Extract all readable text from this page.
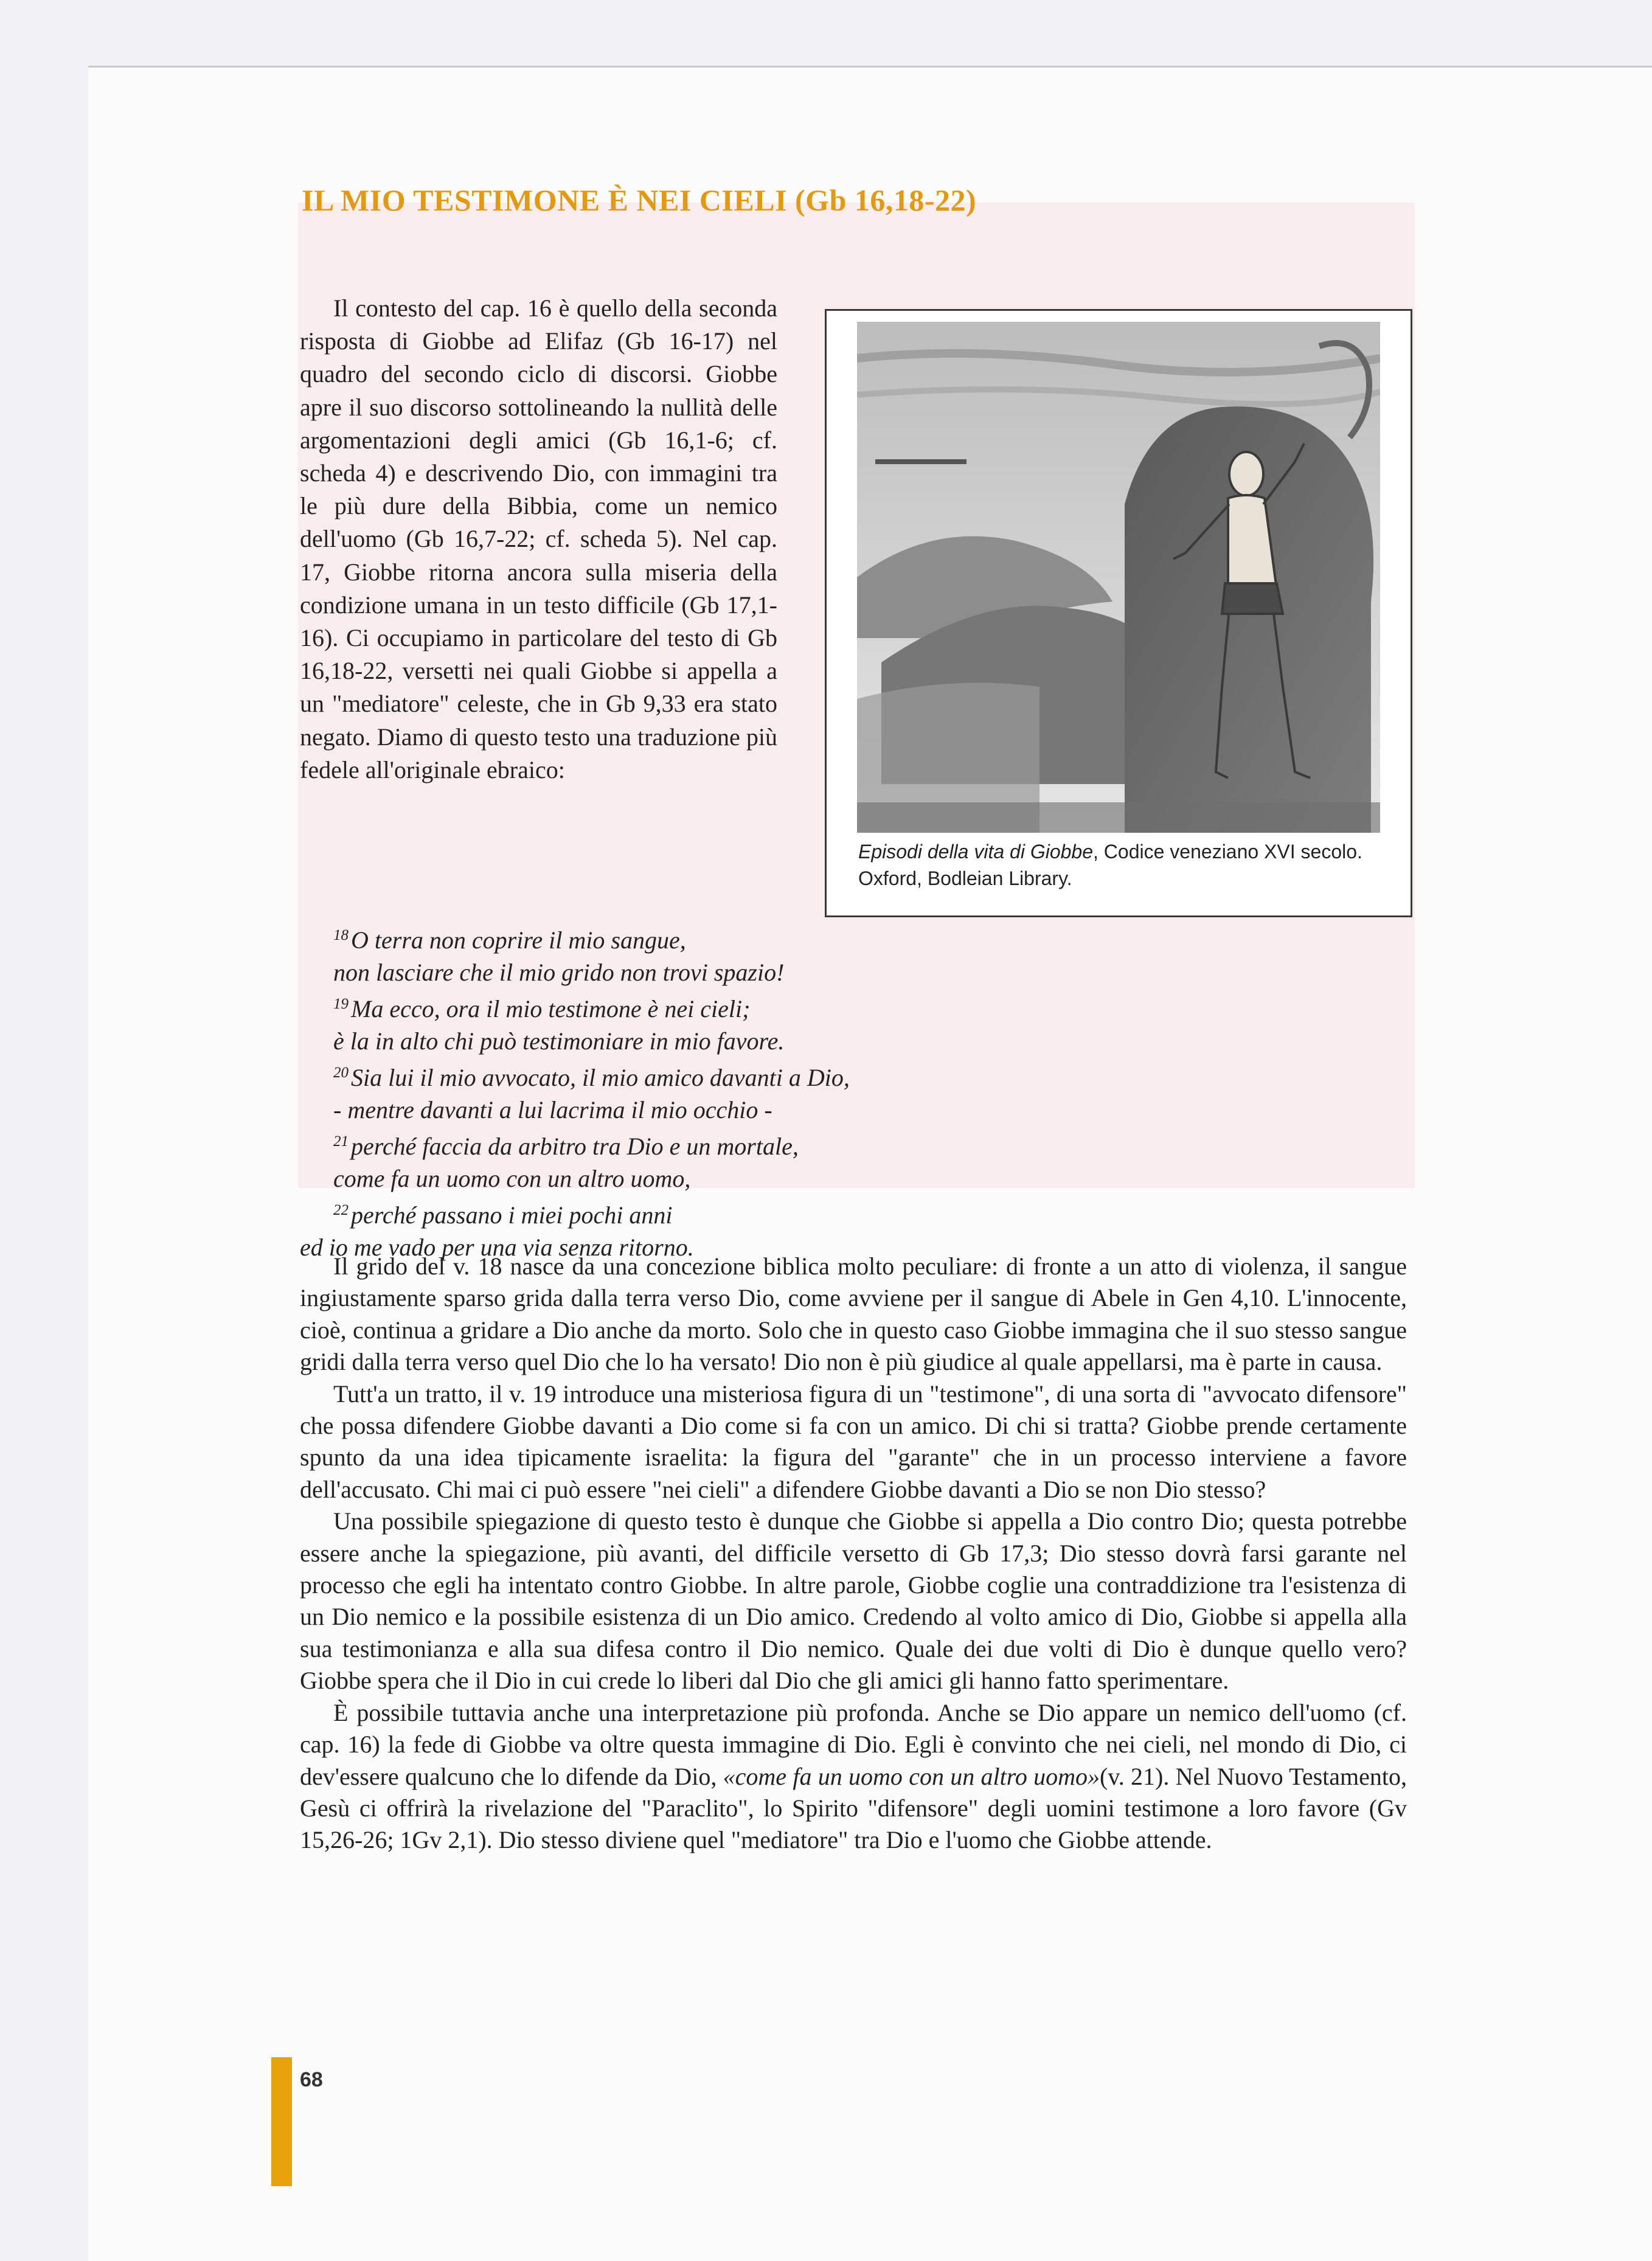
IL MIO TESTIMONE È NEI CIELI (Gb 16,18-22)
Il contesto del cap. 16 è quello della seconda risposta di Giobbe ad Elifaz (Gb 16-17) nel quadro del secondo ciclo di discorsi. Giobbe apre il suo discorso sottolineando la nullità delle argomentazioni degli amici (Gb 16,1-6; cf. scheda 4) e descrivendo Dio, con immagini tra le più dure della Bibbia, come un nemico dell'uomo (Gb 16,7-22; cf. scheda 5). Nel cap. 17, Giobbe ritorna ancora sulla miseria della condizione umana in un testo difficile (Gb 17,1-16). Ci occupiamo in particolare del testo di Gb 16,18-22, versetti nei quali Giobbe si appella a un "mediatore" celeste, che in Gb 9,33 era stato negato. Diamo di questo testo una traduzione più fedele all'originale ebraico:
Episodi della vita di Giobbe, Codice veneziano XVI secolo.
Oxford, Bodleian Library.
$^{18}$ O terra non coprire il mio sangue,
non lasciare che il mio grido non trovi spazio!
$^{19}$ Ma ecco, ora il mio testimone è nei cieli;
è la in alto chi può testimoniare in mio favore.
$^{20}$ Sia lui il mio avvocato, il mio amico davanti a Dio,
- mentre davanti a lui lacrima il mio occhio -
$^{21}$ perché faccia da arbitro tra Dio e un mortale,
come fa un uomo con un altro uomo,
$^{22}$ perché passano i miei pochi anni
ed io me vado per una via senza ritorno.

Il grido del v. 18 nasce da una concezione biblica molto peculiare: di fronte a un atto di violenza, il sangue ingiustamente sparso grida dalla terra verso Dio, come avviene per il sangue di Abele in Gen 4,10. L'innocente, cioè, continua a gridare a Dio anche da morto. Solo che in questo caso Giobbe immagina che il suo stesso sangue gridi dalla terra verso quel Dio che lo ha versato! Dio non è più giudice al quale appellarsi, ma è parte in causa.

Tutt'a un tratto, il v. 19 introduce una misteriosa figura di un "testimone", di una sorta di "avvocato difensore" che possa difendere Giobbe davanti a Dio come si fa con un amico. Di chi si tratta? Giobbe prende certamente spunto da una idea tipicamente israelita: la figura del "garante" che in un processo interviene a favore dell'accusato. Chi mai ci può essere "nei cieli" a difendere Giobbe davanti a Dio se non Dio stesso?

Una possibile spiegazione di questo testo è dunque che Giobbe si appella a Dio contro Dio; questa potrebbe essere anche la spiegazione, più avanti, del difficile versetto di Gb 17,3; Dio stesso dovrà farsi garante nel processo che egli ha intentato contro Giobbe. In altre parole, Giobbe coglie una contraddizione tra l'esistenza di un Dio nemico e la possibile esistenza di un Dio amico. Credendo al volto amico di Dio, Giobbe si appella alla sua testimonianza e alla sua difesa contro il Dio nemico. Quale dei due volti di Dio è dunque quello vero? Giobbe spera che il Dio in cui crede lo liberi dal Dio che gli amici gli hanno fatto sperimentare.

È possibile tuttavia anche una interpretazione più profonda. Anche se Dio appare un nemico dell'uomo (cf. cap. 16) la fede di Giobbe va oltre questa immagine di Dio. Egli è convinto che nei cieli, nel mondo di Dio, ci dev'essere qualcuno che lo difende da Dio, «come fa un uomo con un altro uomo»(v. 21). Nel Nuovo Testamento, Gesù ci offrirà la rivelazione del "Paraclito", lo Spirito "difensore" degli uomini testimone a loro favore (Gv 15,26-26; 1Gv 2,1). Dio stesso diviene quel "mediatore" tra Dio e l'uomo che Giobbe attende.

68
